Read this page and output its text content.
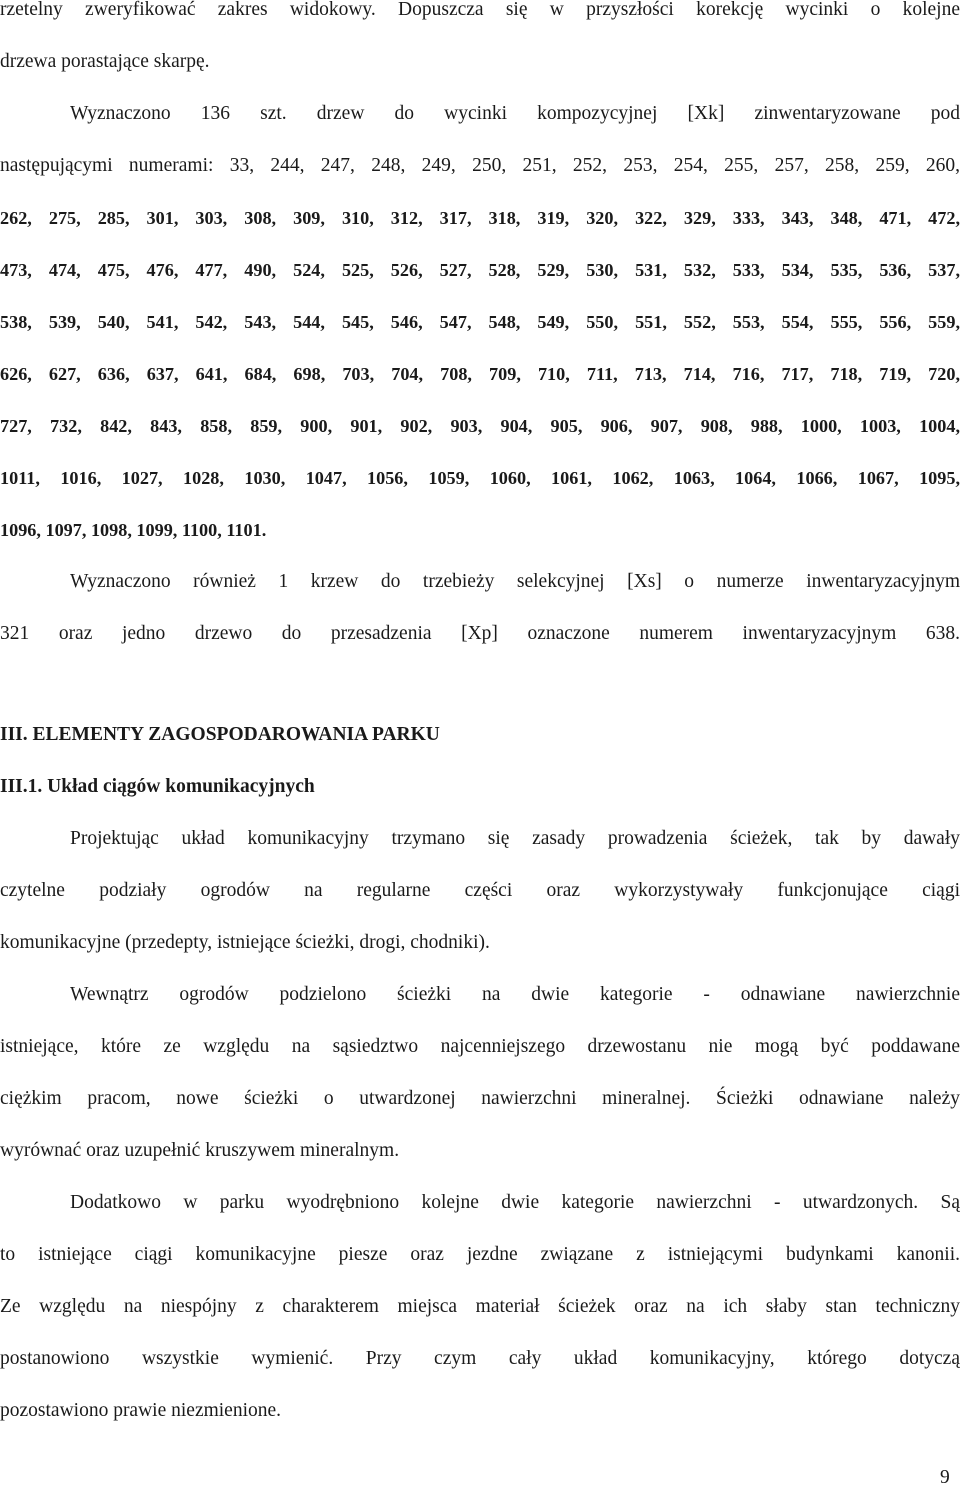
rzetelny zweryfikować zakres widokowy. Dopuszcza się w przyszłości korekcję wycinki o kolejne
drzewa porastające skarpę.
Wyznaczono 136 szt. drzew do wycinki kompozycyjnej [Xk] zinwentaryzowane pod
następującymi numerami: 33, 244, 247, 248, 249, 250, 251, 252, 253, 254, 255, 257, 258, 259, 260,
262, 275, 285, 301, 303, 308, 309, 310, 312, 317, 318, 319, 320, 322, 329, 333, 343, 348, 471, 472,
473, 474, 475, 476, 477, 490, 524, 525, 526, 527, 528, 529, 530, 531, 532, 533, 534, 535, 536, 537,
538, 539, 540, 541, 542, 543, 544, 545, 546, 547, 548, 549, 550, 551, 552, 553, 554, 555, 556, 559,
626, 627, 636, 637, 641, 684, 698, 703, 704, 708, 709, 710, 711, 713, 714, 716, 717, 718, 719, 720,
727, 732, 842, 843, 858, 859, 900, 901, 902, 903, 904, 905, 906, 907, 908, 988, 1000, 1003, 1004,
1011, 1016, 1027, 1028, 1030, 1047, 1056, 1059, 1060, 1061, 1062, 1063, 1064, 1066, 1067, 1095,
1096, 1097, 1098, 1099, 1100, 1101.
Wyznaczono również 1 krzew do trzebieży selekcyjnej [Xs] o numerze inwentaryzacyjnym
321 oraz jedno drzewo do przesadzenia [Xp] oznaczone numerem inwentaryzacyjnym 638.
III. ELEMENTY ZAGOSPODAROWANIA PARKU
III.1. Układ ciągów komunikacyjnych
Projektując układ komunikacyjny trzymano się zasady prowadzenia ścieżek, tak by dawały
czytelne podziały ogrodów na regularne części oraz wykorzystywały funkcjonujące ciągi
komunikacyjne (przedepty, istniejące ścieżki, drogi, chodniki).
Wewnątrz ogrodów podzielono ścieżki na dwie kategorie - odnawiane nawierzchnie
istniejące, które ze względu na sąsiedztwo najcenniejszego drzewostanu nie mogą być poddawane
ciężkim pracom, nowe ścieżki o utwardzonej nawierzchni mineralnej. Ścieżki odnawiane należy
wyrównać oraz uzupełnić kruszywem mineralnym.
Dodatkowo w parku wyodrębniono kolejne dwie kategorie nawierzchni - utwardzonych. Są
to istniejące ciągi komunikacyjne piesze oraz jezdne związane z istniejącymi budynkami kanonii.
Ze względu na niespójny z charakterem miejsca materiał ścieżek oraz na ich słaby stan techniczny
postanowiono wszystkie wymienić. Przy czym cały układ komunikacyjny, którego dotyczą
pozostawiono prawie niezmienione.
9
